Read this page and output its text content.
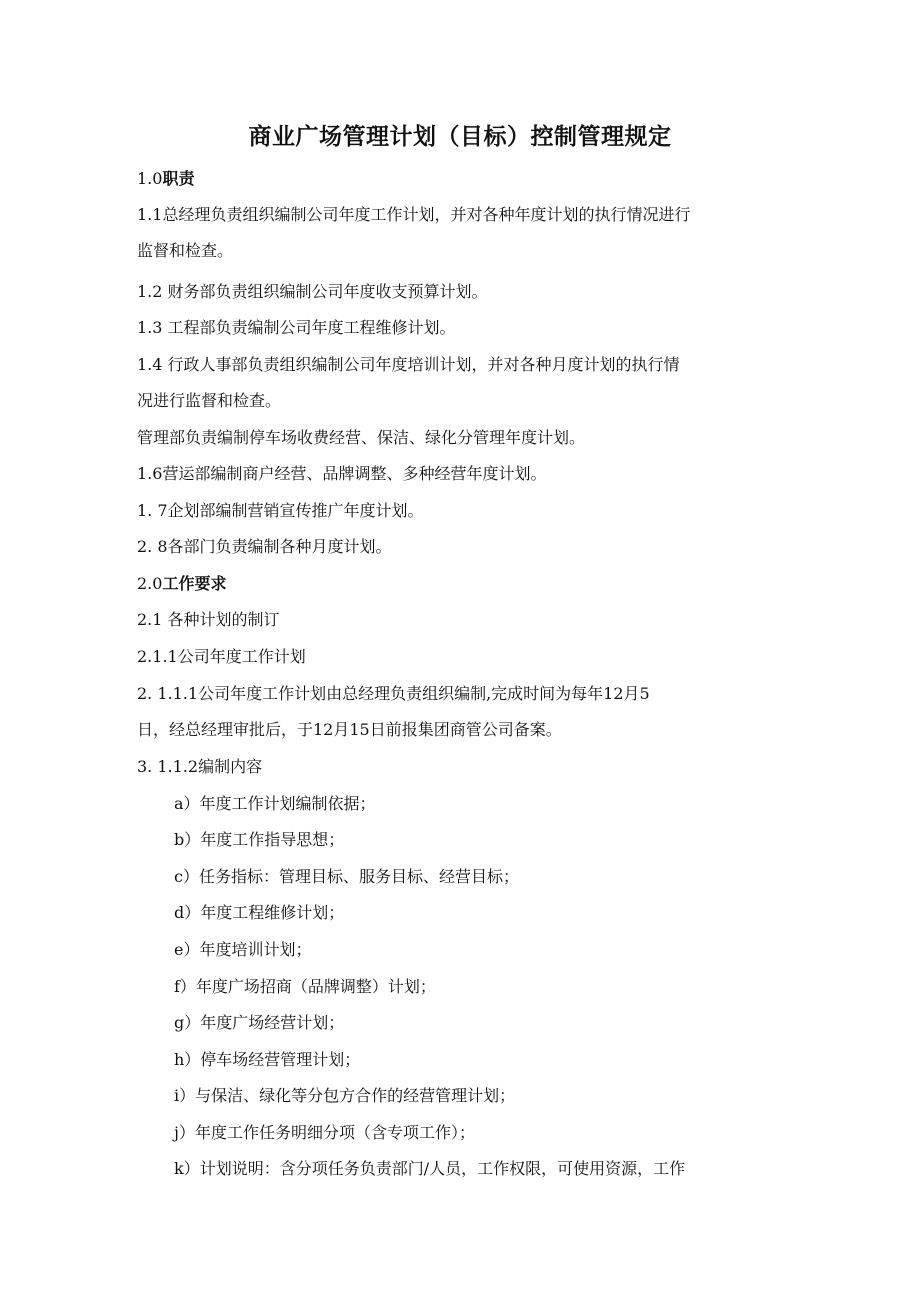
商业广场管理计划（目标）控制管理规定
1.0职责
1.1总经理负责组织编制公司年度工作计划，并对各种年度计划的执行情况进行
监督和检查。
1.2 财务部负责组织编制公司年度收支预算计划。
1.3 工程部负责编制公司年度工程维修计划。
1.4 行政人事部负责组织编制公司年度培训计划，并对各种月度计划的执行情
况进行监督和检查。
管理部负责编制停车场收费经营、保洁、绿化分管理年度计划。
1.6营运部编制商户经营、品牌调整、多种经营年度计划。
1. 7企划部编制营销宣传推广年度计划。
2. 8各部门负责编制各种月度计划。
2.0工作要求
2.1 各种计划的制订
2.1.1公司年度工作计划
2. 1.1.1公司年度工作计划由总经理负责组织编制,完成时间为每年12月5
日，经总经理审批后，于12月15日前报集团商管公司备案。
3. 1.1.2编制内容
a）年度工作计划编制依据；
b）年度工作指导思想；
c）任务指标：管理目标、服务目标、经营目标；
d）年度工程维修计划；
e）年度培训计划；
f）年度广场招商（品牌调整）计划；
g）年度广场经营计划；
h）停车场经营管理计划；
i）与保洁、绿化等分包方合作的经营管理计划；
j）年度工作任务明细分项（含专项工作）；
k）计划说明：含分项任务负责部门/人员，工作权限，可使用资源，工作
